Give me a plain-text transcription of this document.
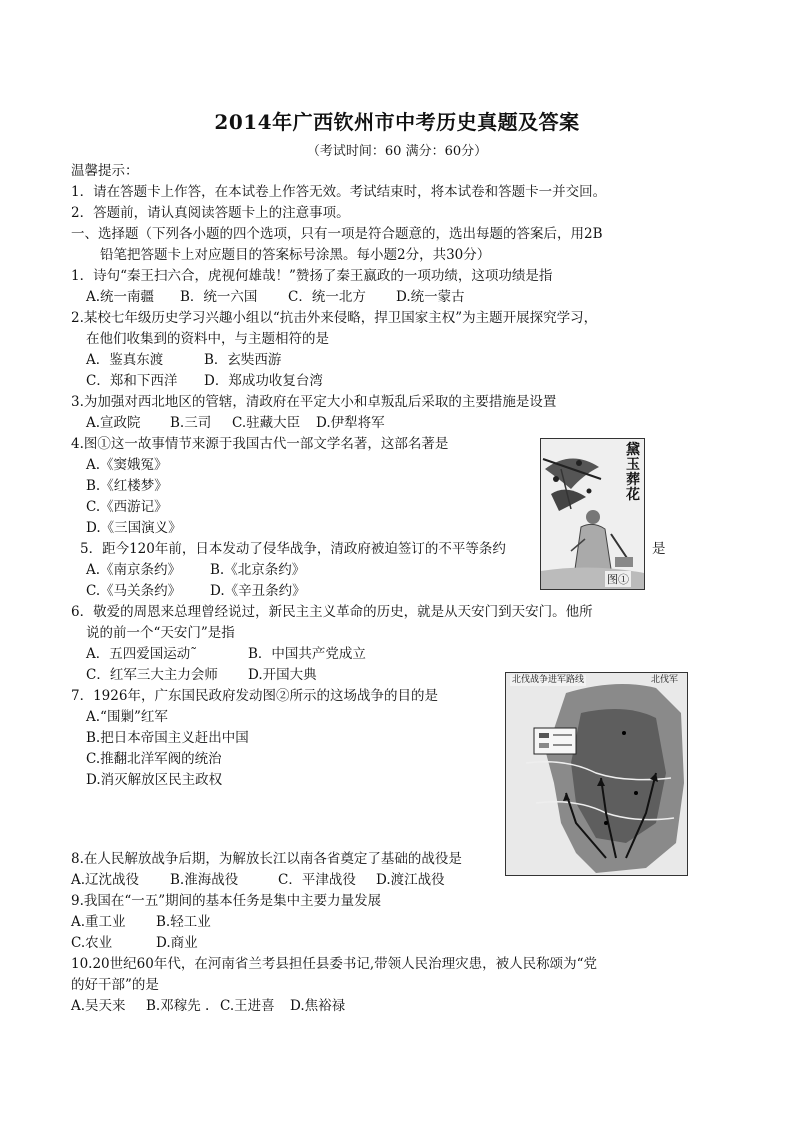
2014年广西钦州市中考历史真题及答案
（考试时间：60 满分：60分）
温馨提示：
1．请在答题卡上作答，在本试卷上作答无效。考试结束时，将本试卷和答题卡一并交回。
2．答题前，请认真阅读答题卡上的注意事项。
一、选择题（下列各小题的四个选项，只有一项是符合题意的，选出每题的答案后，用2B
铅笔把答题卡上对应题目的答案标号涂黑。每小题2分，共30分）
1．诗句“秦王扫六合，虎视何雄哉！”赞扬了秦王嬴政的一项功绩，这项功绩是指
A.统一南疆 B．统一六国 C．统一北方 D.统一蒙古
2.某校七年级历史学习兴趣小组以“抗击外来侵略，捍卫国家主权”为主题开展探究学习，
在他们收集到的资料中，与主题相符的是
A．鉴真东渡	B．玄奘西游
C．郑和下西洋 D．郑成功收复台湾
3.为加强对西北地区的管辖，清政府在平定大小和卓叛乱后采取的主要措施是设置
A.宣政院 B.三司 C.驻藏大臣 D.伊犁将军
4.图①这一故事情节来源于我国古代一部文学名著，这部名著是
A.《窦娥冤》
B.《红楼梦》
C.《西游记》
D.《三国演义》
黛玉葬花
图①
5．距今120年前，日本发动了侵华战争，清政府被迫签订的不平等条约	是
A.《南京条约》 B.《北京条约》
C.《马关条约》 D.《辛丑条约》
6．敬爱的周恩来总理曾经说过，新民主主义革命的历史，就是从天安门到天安门。他所
说的前一个“天安门”是指
A．五四爱国运动˜	B．中国共产党成立
C．红军三大主力会师 D.开国大典
7．1926年，广东国民政府发动图②所示的这场战争的目的是
A.“围剿”红军
B.把日本帝国主义赶出中国
C.推翻北洋军阀的统治
D.消灭解放区民主政权
北伐战争进军路线	北伐军
8.在人民解放战争后期，为解放长江以南各省奠定了基础的战役是
A.辽沈战役 B.淮海战役	C．平津战役 D.渡江战役
9.我国在“一五”期间的基本任务是集中主要力量发展
A.重工业 B.轻工业
C.农业	D.商业
10.20世纪60年代，在河南省兰考县担任县委书记,带领人民治理灾患，被人民称颂为“党
的好干部”的是
A.吴天来 B.邓稼先 . C.王进喜 D.焦裕禄
